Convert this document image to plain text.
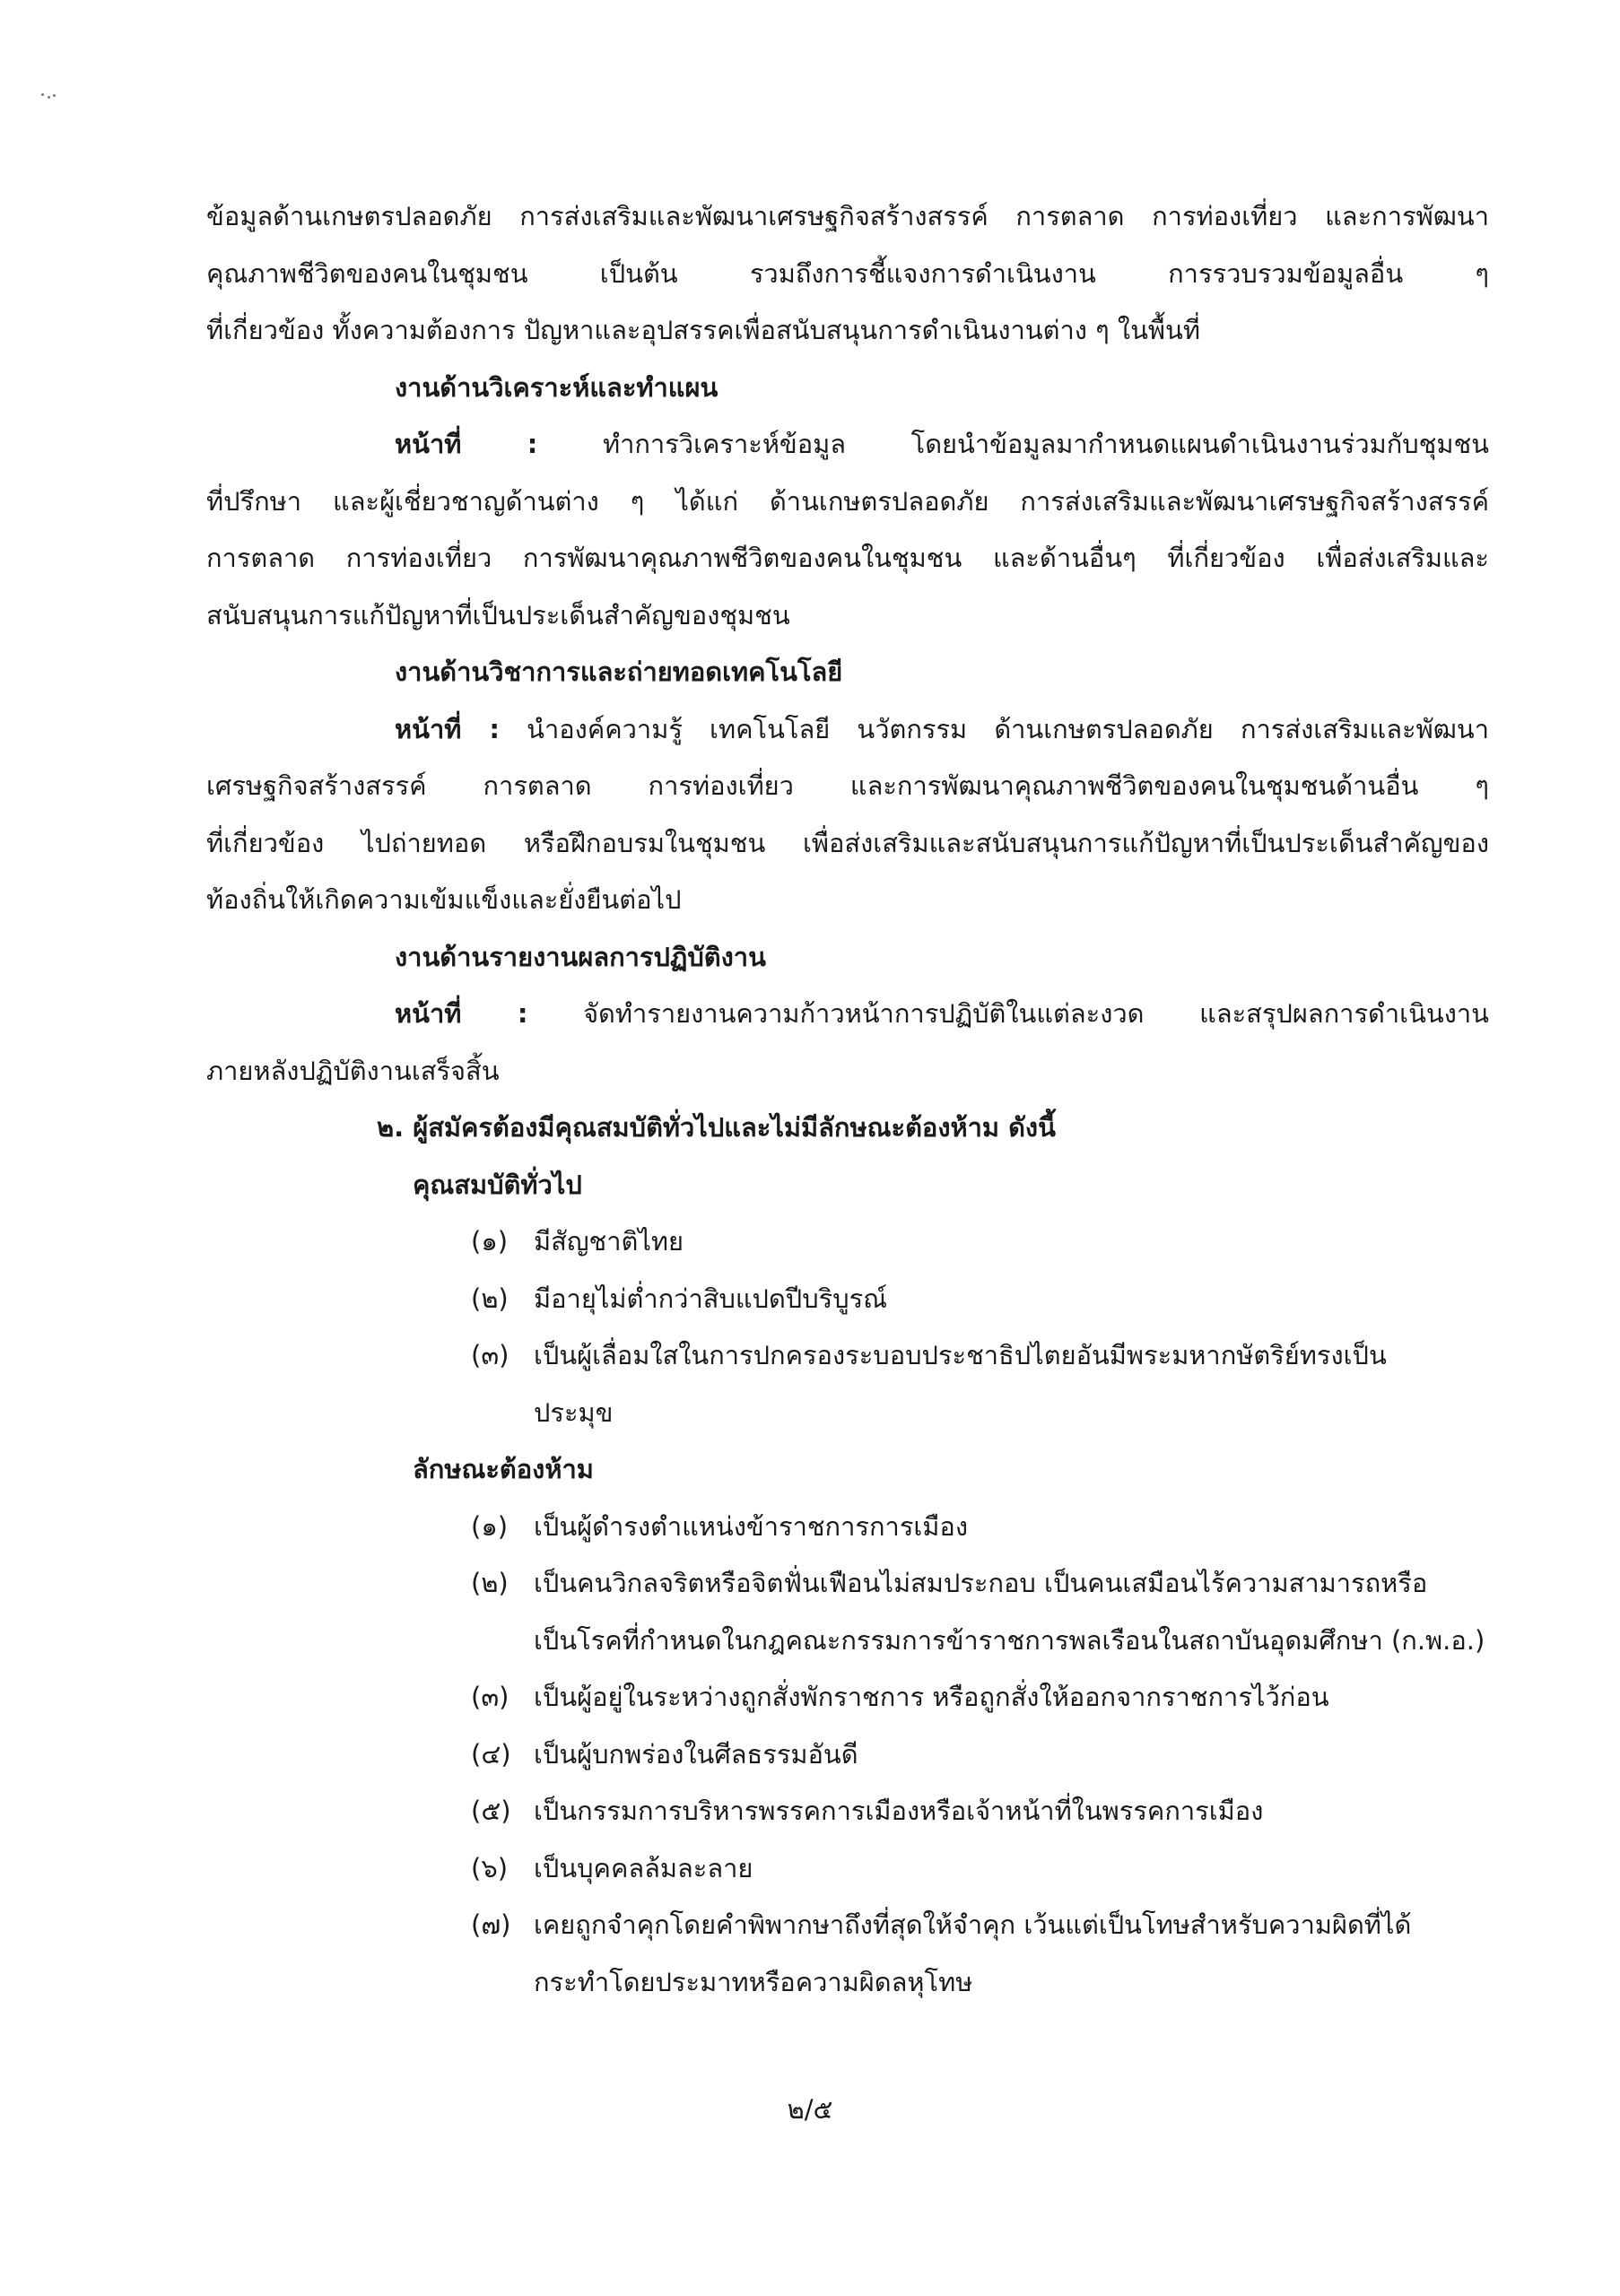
ข้อมูลด้านเกษตรปลอดภัย การส่งเสริมและพัฒนาเศรษฐกิจสร้างสรรค์ การตลาด การท่องเที่ยว และการพัฒนา
คุณภาพชีวิตของคนในชุมชน เป็นต้น รวมถึงการชี้แจงการดำเนินงาน การรวบรวมข้อมูลอื่น ๆ
ที่เกี่ยวข้อง ทั้งความต้องการ ปัญหาและอุปสรรคเพื่อสนับสนุนการดำเนินงานต่าง ๆ ในพื้นที่
งานด้านวิเคราะห์และทำแผน
หน้าที่ :	ทำการวิเคราะห์ข้อมูล โดยนำข้อมูลมากำหนดแผนดำเนินงานร่วมกับชุมชน
ที่ปรึกษา และผู้เชี่ยวชาญด้านต่าง ๆ ได้แก่ ด้านเกษตรปลอดภัย การส่งเสริมและพัฒนาเศรษฐกิจสร้างสรรค์
การตลาด การท่องเที่ยว การพัฒนาคุณภาพชีวิตของคนในชุมชน และด้านอื่นๆ ที่เกี่ยวข้อง เพื่อส่งเสริมและ
สนับสนุนการแก้ปัญหาที่เป็นประเด็นสำคัญของชุมชน
งานด้านวิชาการและถ่ายทอดเทคโนโลยี
หน้าที่ : นำองค์ความรู้ เทคโนโลยี นวัตกรรม ด้านเกษตรปลอดภัย การส่งเสริมและพัฒนา
เศรษฐกิจสร้างสรรค์ การตลาด การท่องเที่ยว และการพัฒนาคุณภาพชีวิตของคนในชุมชนด้านอื่น ๆ
ที่เกี่ยวข้อง ไปถ่ายทอด หรือฝึกอบรมในชุมชน เพื่อส่งเสริมและสนับสนุนการแก้ปัญหาที่เป็นประเด็นสำคัญของ
ท้องถิ่นให้เกิดความเข้มแข็งและยั่งยืนต่อไป
งานด้านรายงานผลการปฏิบัติงาน
หน้าที่ : จัดทำรายงานความก้าวหน้าการปฏิบัติในแต่ละงวด และสรุปผลการดำเนินงาน
ภายหลังปฏิบัติงานเสร็จสิ้น
๒. ผู้สมัครต้องมีคุณสมบัติทั่วไปและไม่มีลักษณะต้องห้าม ดังนี้
คุณสมบัติทั่วไป
(๑) มีสัญชาติไทย
(๒) มีอายุไม่ต่ำกว่าสิบแปดปีบริบูรณ์
(๓) เป็นผู้เลื่อมใสในการปกครองระบอบประชาธิปไตยอันมีพระมหากษัตริย์ทรงเป็น
ประมุข
ลักษณะต้องห้าม
(๑) เป็นผู้ดำรงตำแหน่งข้าราชการการเมือง
(๒) เป็นคนวิกลจริตหรือจิตฟั่นเฟือนไม่สมประกอบ เป็นคนเสมือนไร้ความสามารถหรือ
เป็นโรคที่กำหนดในกฎคณะกรรมการข้าราชการพลเรือนในสถาบันอุดมศึกษา (ก.พ.อ.)
(๓) เป็นผู้อยู่ในระหว่างถูกสั่งพักราชการ หรือถูกสั่งให้ออกจากราชการไว้ก่อน
(๔) เป็นผู้บกพร่องในศีลธรรมอันดี
(๕) เป็นกรรมการบริหารพรรคการเมืองหรือเจ้าหน้าที่ในพรรคการเมือง
(๖) เป็นบุคคลล้มละลาย
(๗) เคยถูกจำคุกโดยคำพิพากษาถึงที่สุดให้จำคุก เว้นแต่เป็นโทษสำหรับความผิดที่ได้
กระทำโดยประมาทหรือความผิดลหุโทษ
๒/๕
